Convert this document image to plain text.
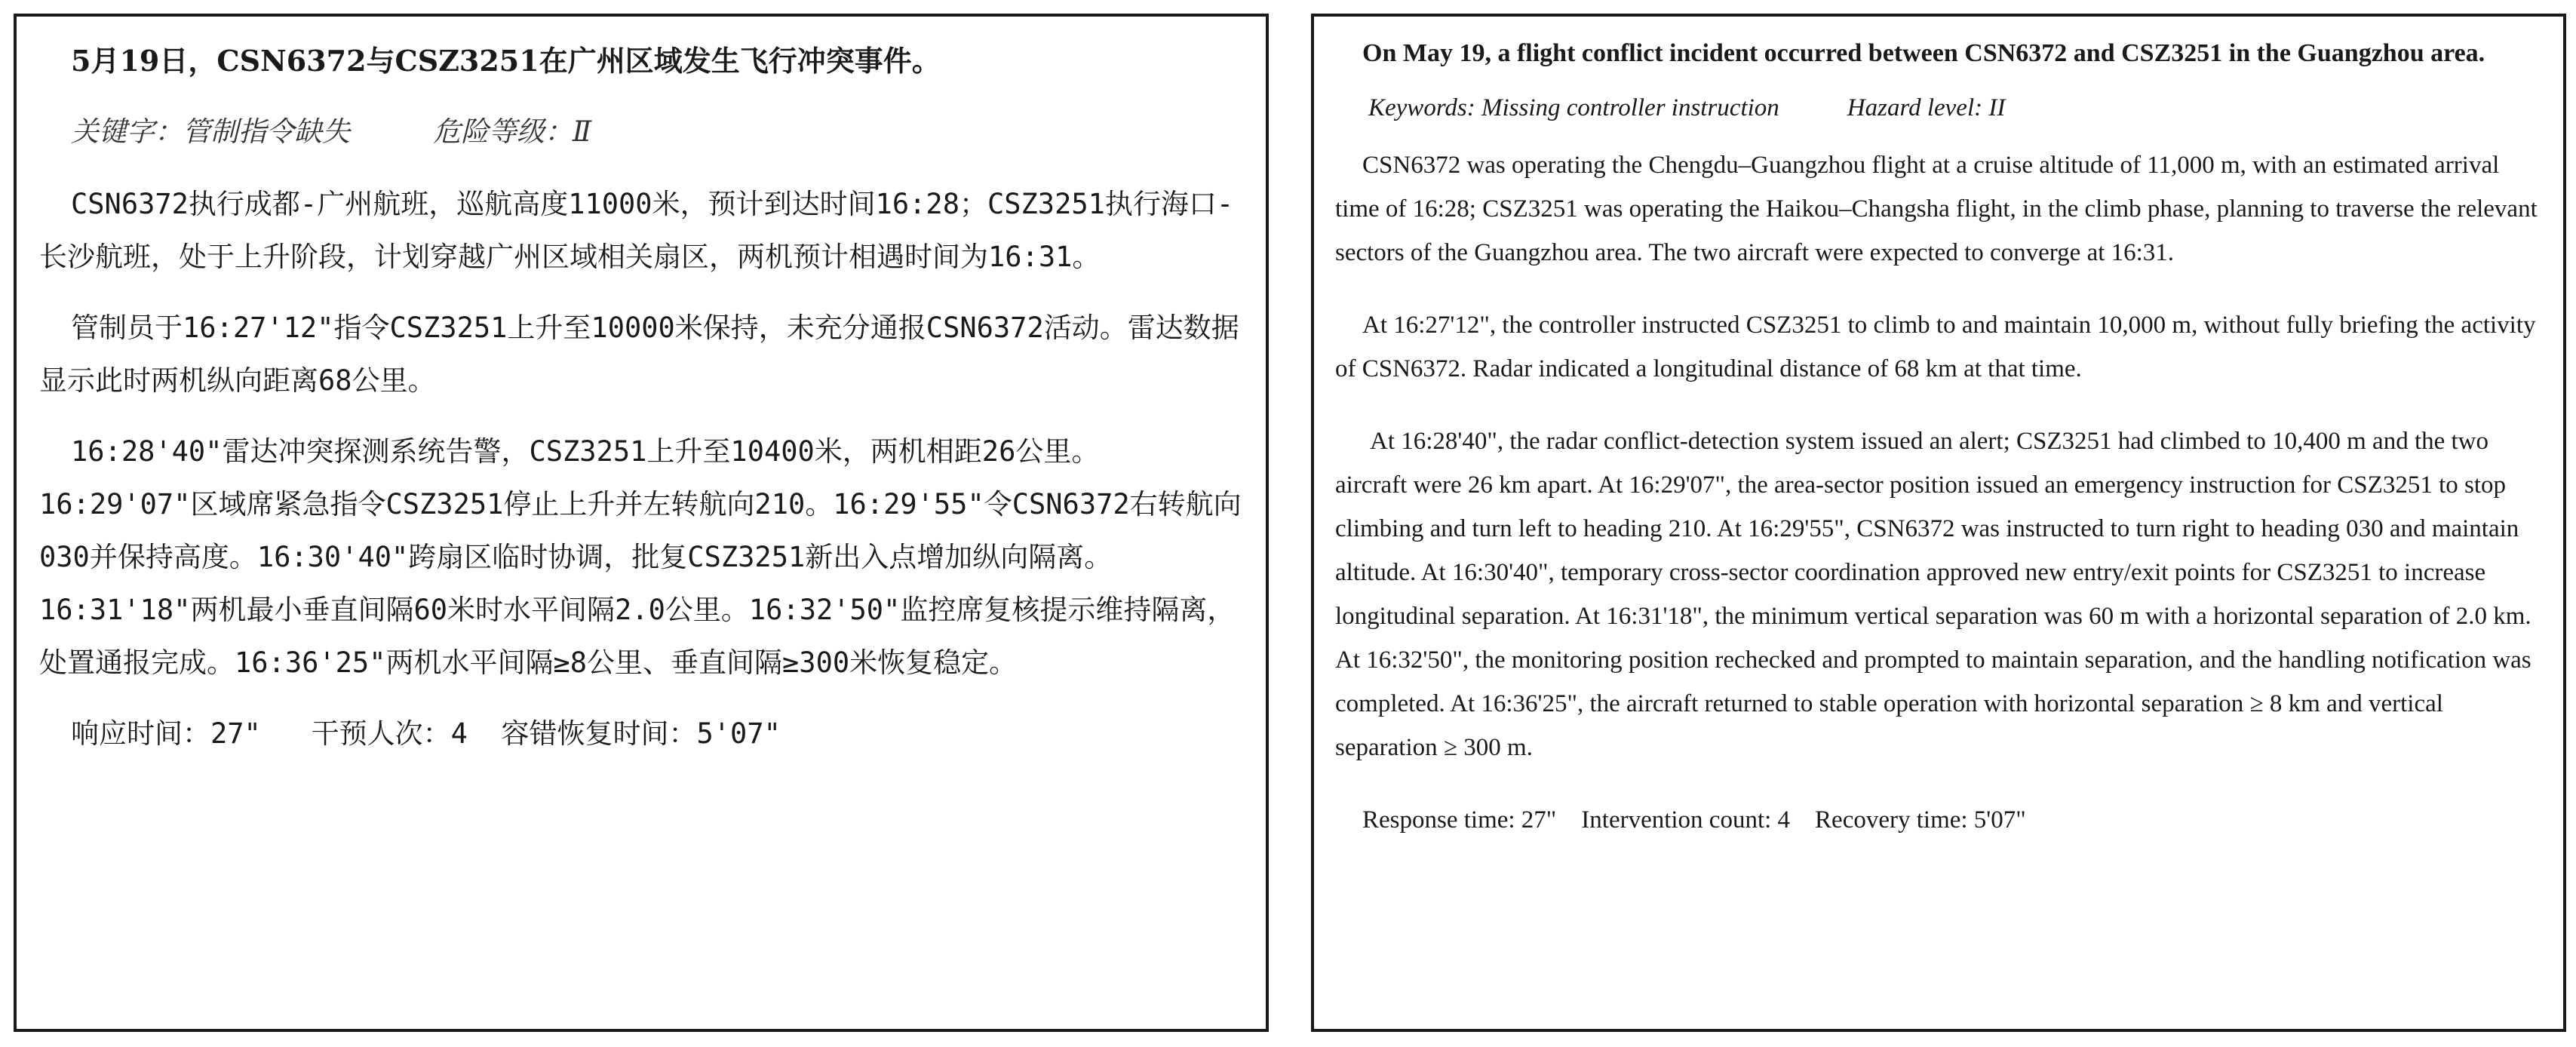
5月19日，CSN6372与CSZ3251在广州区域发生飞行冲突事件。
关键字：管制指令缺失	危险等级：Ⅱ

CSN6372执行成都-广州航班，巡航高度11000米，预计到达时间16:28；CSZ3251执行海口-长沙航班，处于上升阶段，计划穿越广州区域相关扇区，两机预计相遇时间为16:31。

管制员于16:27'12"指令CSZ3251上升至10000米保持，未充分通报CSN6372活动。雷达数据显示此时两机纵向距离68公里。

16:28'40"雷达冲突探测系统告警，CSZ3251上升至10400米，两机相距26公里。16:29'07"区域席紧急指令CSZ3251停止上升并左转航向210。16:29'55"令CSN6372右转航向030并保持高度。16:30'40"跨扇区临时协调，批复CSZ3251新出入点增加纵向隔离。16:31'18"两机最小垂直间隔60米时水平间隔2.0公里。16:32'50"监控席复核提示维持隔离，处置通报完成。16:36'25"两机水平间隔≥8公里、垂直间隔≥300米恢复稳定。

响应时间：27" 干预人次：4 容错恢复时间：5'07"
On May 19, a flight conflict incident occurred between CSN6372 and CSZ3251 in the Guangzhou area.
Keywords: Missing controller instruction	Hazard level: II

CSN6372 was operating the Chengdu–Guangzhou flight at a cruise altitude of 11,000 m, with an estimated arrival time of 16:28; CSZ3251 was operating the Haikou–Changsha flight, in the climb phase, planning to traverse the relevant sectors of the Guangzhou area. The two aircraft were expected to converge at 16:31.

At 16:27'12", the controller instructed CSZ3251 to climb to and maintain 10,000 m, without fully briefing the activity of CSN6372. Radar indicated a longitudinal distance of 68 km at that time.

At 16:28'40", the radar conflict-detection system issued an alert; CSZ3251 had climbed to 10,400 m and the two aircraft were 26 km apart. At 16:29'07", the area-sector position issued an emergency instruction for CSZ3251 to stop climbing and turn left to heading 210. At 16:29'55", CSN6372 was instructed to turn right to heading 030 and maintain altitude. At 16:30'40", temporary cross-sector coordination approved new entry/exit points for CSZ3251 to increase longitudinal separation. At 16:31'18", the minimum vertical separation was 60 m with a horizontal separation of 2.0 km. At 16:32'50", the monitoring position rechecked and prompted to maintain separation, and the handling notification was completed. At 16:36'25", the aircraft returned to stable operation with horizontal separation ≥ 8 km and vertical separation ≥ 300 m.

Response time: 27" Intervention count: 4 Recovery time: 5'07"
